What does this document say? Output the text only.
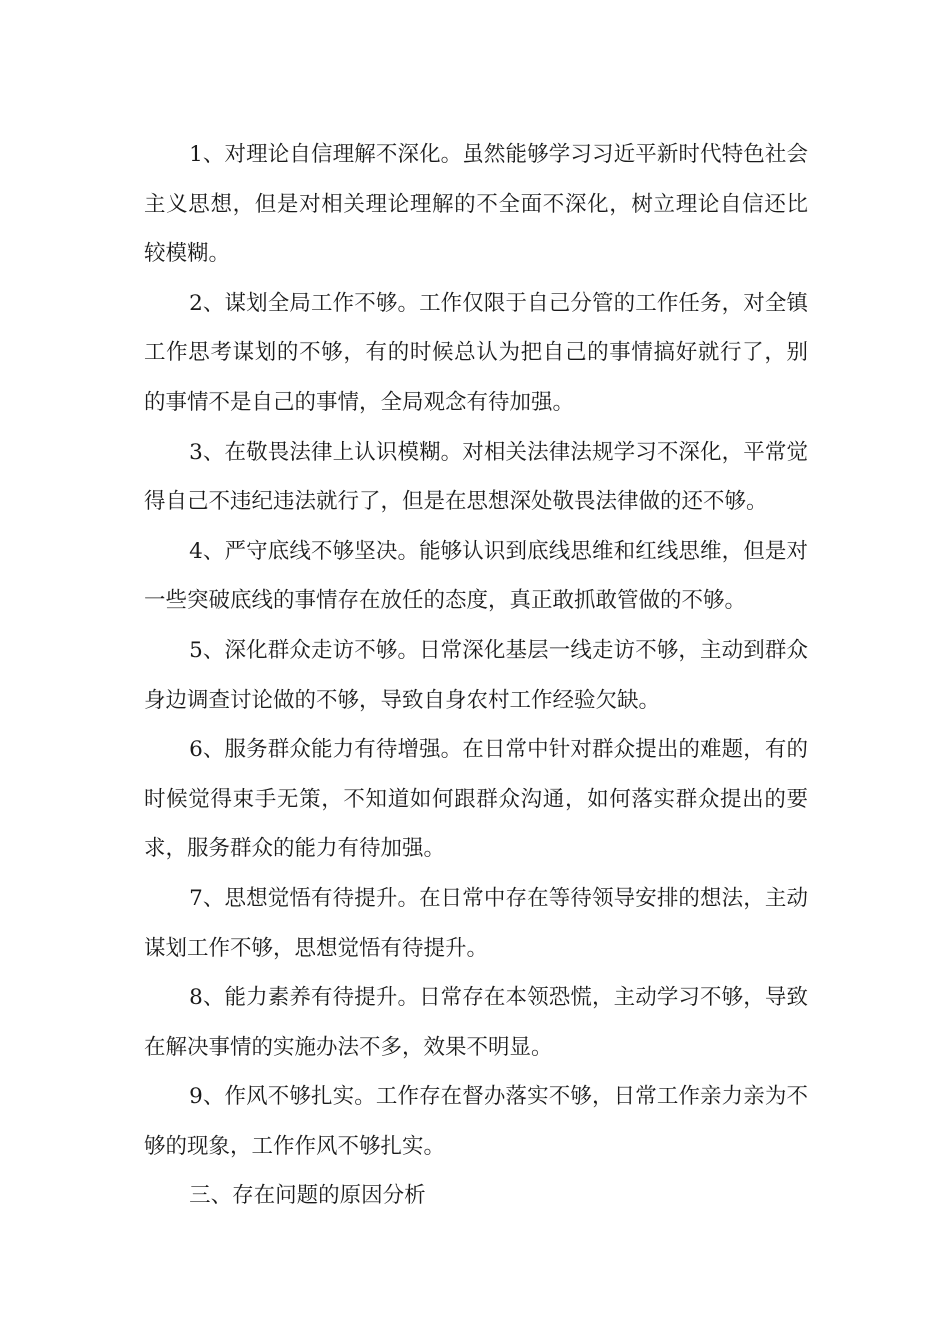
1、对理论自信理解不深化。虽然能够学习习近平新时代特色社会主义思想，但是对相关理论理解的不全面不深化，树立理论自信还比较模糊。

2、谋划全局工作不够。工作仅限于自己分管的工作任务，对全镇工作思考谋划的不够，有的时候总认为把自己的事情搞好就行了，别的事情不是自己的事情，全局观念有待加强。

3、在敬畏法律上认识模糊。对相关法律法规学习不深化，平常觉得自己不违纪违法就行了，但是在思想深处敬畏法律做的还不够。

4、严守底线不够坚决。能够认识到底线思维和红线思维，但是对一些突破底线的事情存在放任的态度，真正敢抓敢管做的不够。

5、深化群众走访不够。日常深化基层一线走访不够，主动到群众身边调查讨论做的不够，导致自身农村工作经验欠缺。

6、服务群众能力有待增强。在日常中针对群众提出的难题，有的时候觉得束手无策，不知道如何跟群众沟通，如何落实群众提出的要求，服务群众的能力有待加强。

7、思想觉悟有待提升。在日常中存在等待领导安排的想法，主动谋划工作不够，思想觉悟有待提升。

8、能力素养有待提升。日常存在本领恐慌，主动学习不够，导致在解决事情的实施办法不多，效果不明显。

9、作风不够扎实。工作存在督办落实不够，日常工作亲力亲为不够的现象，工作作风不够扎实。

三、存在问题的原因分析
